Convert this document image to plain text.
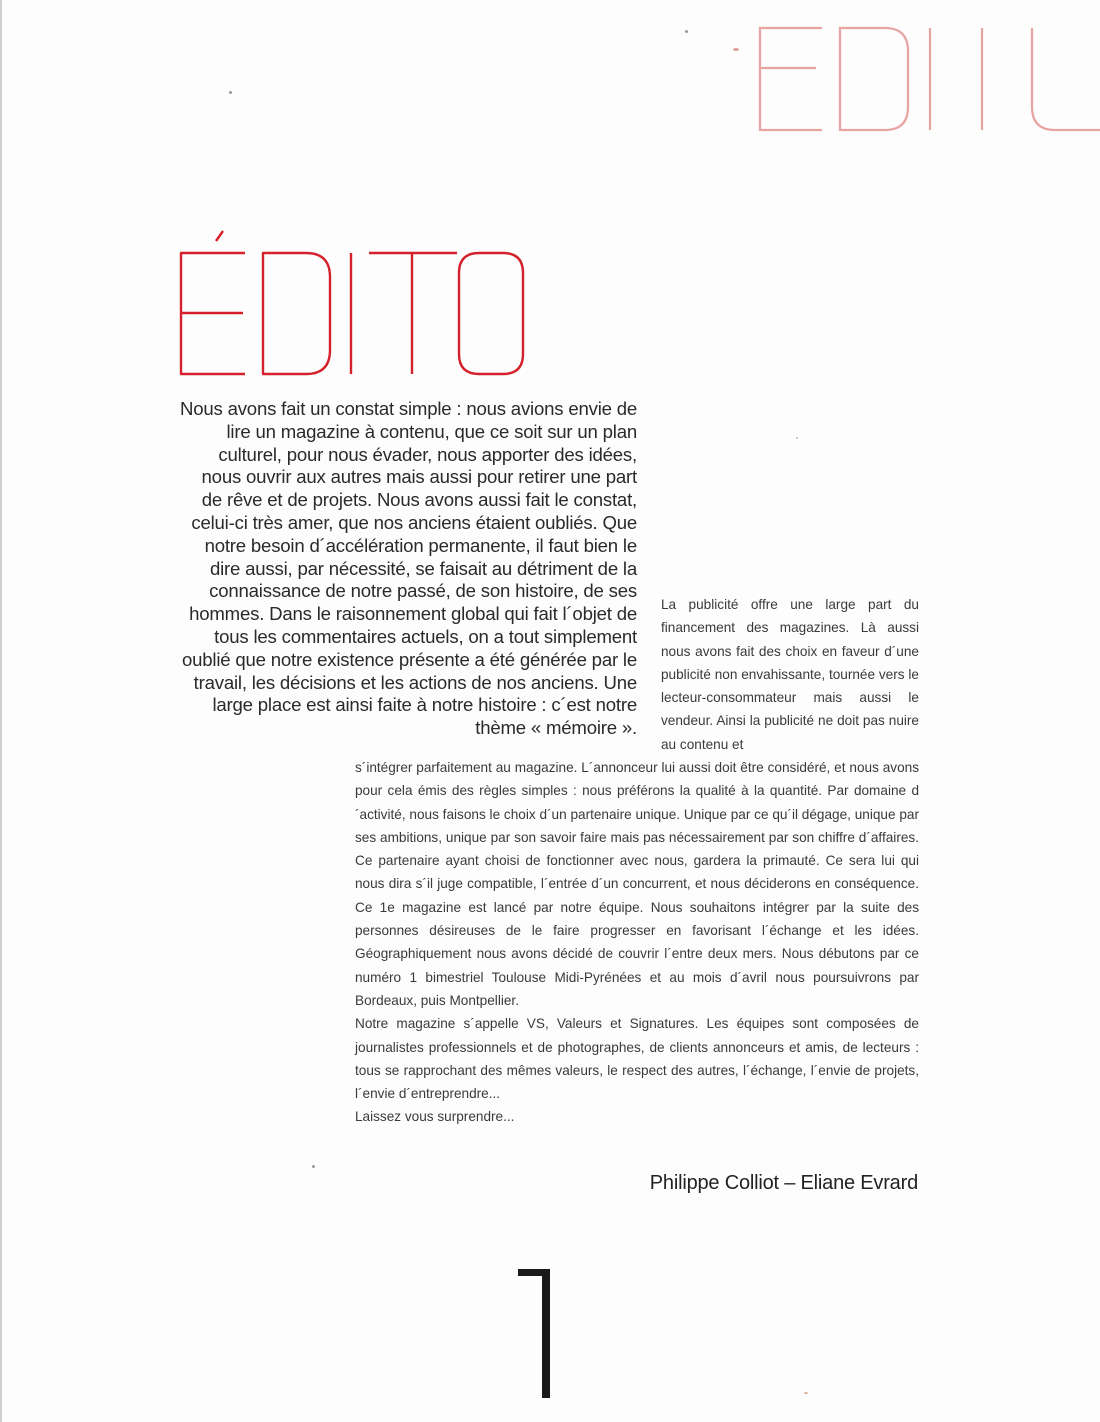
Nous avons fait un constat simple : nous avions envie de lire un magazine à contenu, que ce soit sur un plan culturel, pour nous évader, nous apporter des idées, nous ouvrir aux autres mais aussi pour retirer une part de rêve et de projets. Nous avons aussi fait le constat, celui-ci très amer, que nos anciens étaient oubliés. Que notre besoin d´accélération permanente, il faut bien le dire aussi, par nécessité, se faisait au détriment de la connaissance de notre passé, de son histoire, de ses hommes. Dans le raisonnement global qui fait l´objet de tous les commentaires actuels, on a tout simplement oublié que notre existence présente a été générée par le travail, les décisions et les actions de nos anciens. Une large place est ainsi faite à notre histoire : c´est notre thème « mémoire ».

La publicité offre une large part du financement des magazines. Là aussi nous avons fait des choix en faveur d´une publicité non envahissante, tournée vers le lecteur-consommateur mais aussi le vendeur. Ainsi la publicité ne doit pas nuire au contenu et

s´intégrer parfaitement au magazine. L´annonceur lui aussi doit être considéré, et nous avons pour cela émis des règles simples : nous préférons la qualité à la quantité. Par domaine d´activité, nous faisons le choix d´un partenaire unique. Unique par ce qu´il dégage, unique par ses ambitions, unique par son savoir faire mais pas nécessairement par son chiffre d´affaires. Ce partenaire ayant choisi de fonctionner avec nous, gardera la primauté. Ce sera lui qui nous dira s´il juge compatible, l´entrée d´un concurrent, et nous déciderons en conséquence. Ce 1e magazine est lancé par notre équipe. Nous souhaitons intégrer par la suite des personnes désireuses de le faire progresser en favorisant l´échange et les idées. Géographiquement nous avons décidé de couvrir l´entre deux mers. Nous débutons par ce numéro 1 bimestriel Toulouse Midi-Pyrénées et au mois d´avril nous poursuivrons par Bordeaux, puis Montpellier.

Notre magazine s´appelle VS, Valeurs et Signatures. Les équipes sont composées de journalistes professionnels et de photographes, de clients annonceurs et amis, de lecteurs : tous se rapprochant des mêmes valeurs, le respect des autres, l´échange, l´envie de projets, l´envie d´entreprendre...

Laissez vous surprendre...

Philippe Colliot – Eliane Evrard
